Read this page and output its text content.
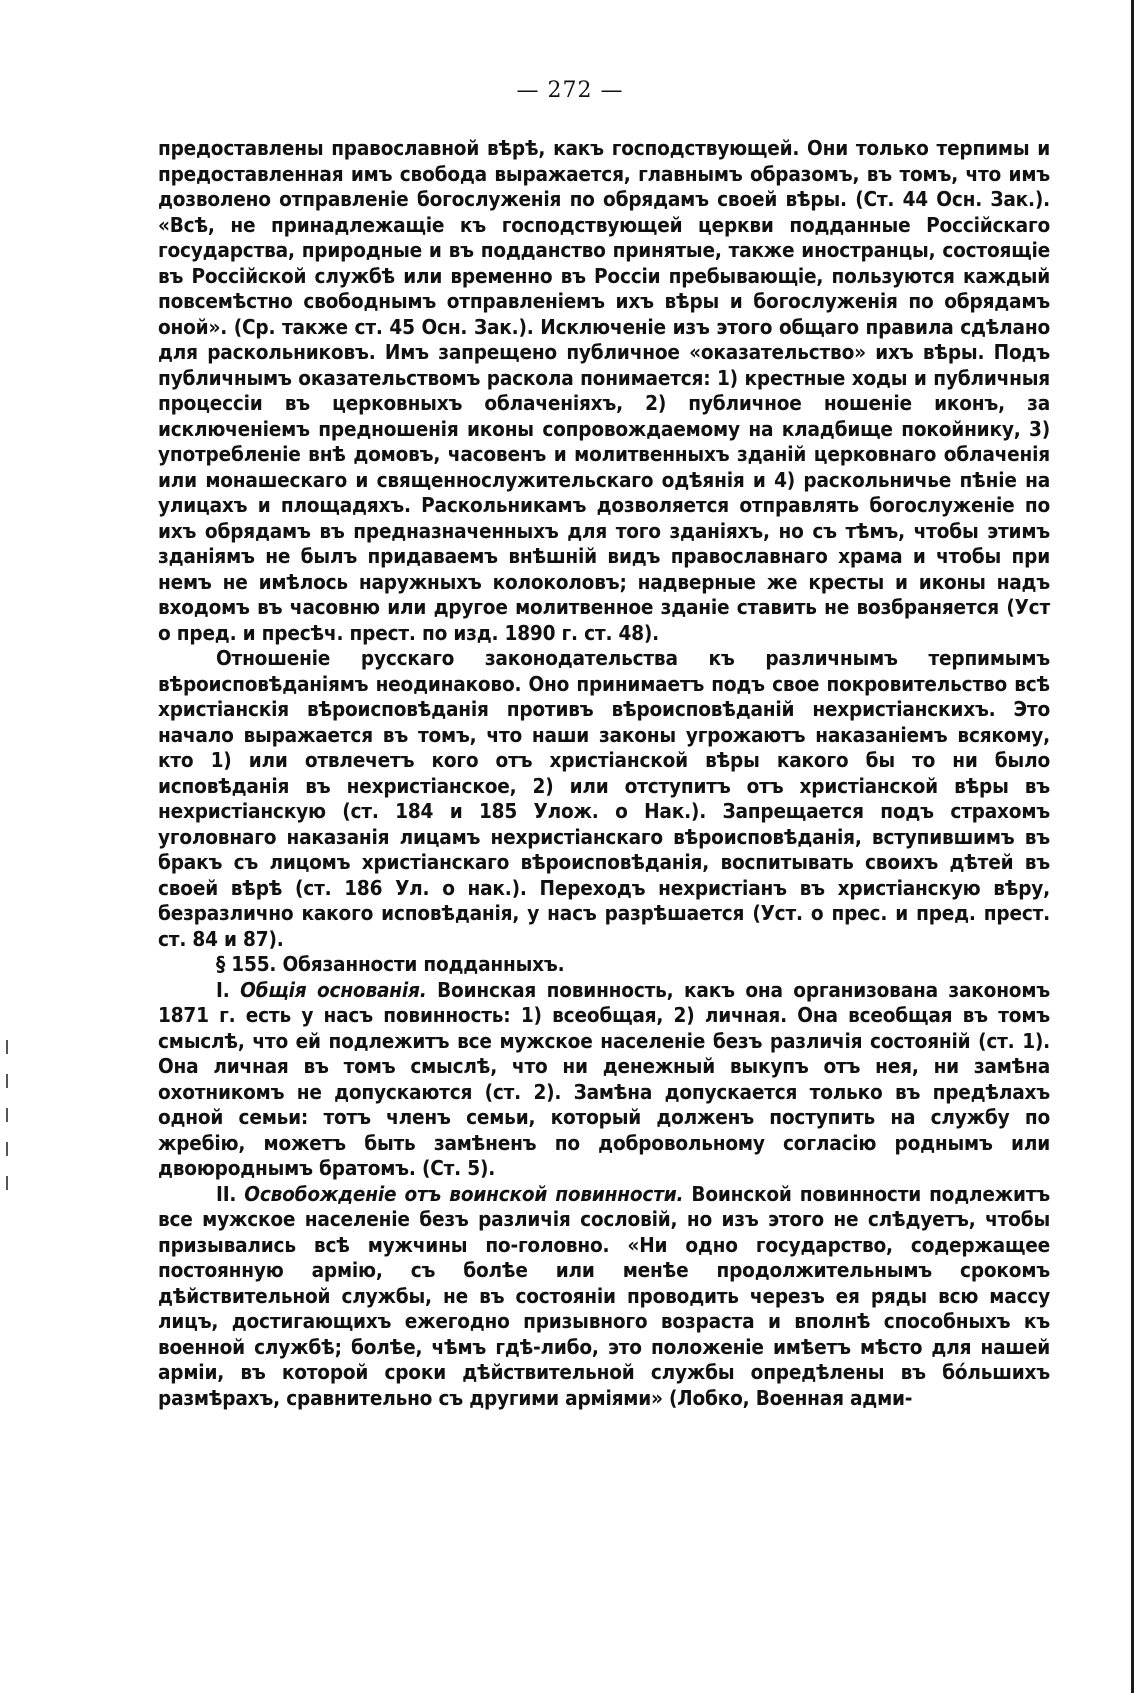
— 272 —

предоставлены православной вѣрѣ, какъ господствующей. Они только терпимы и предоставленная имъ свобода выражается, главнымъ образомъ, въ томъ, что имъ дозволено отправленіе богослуженія по обрядамъ своей вѣры. (Ст. 44 Осн. Зак.). «Всѣ, не принадлежащіе къ господствующей церкви подданные Россійскаго государства, природные и въ подданство принятые, также иностранцы, состоящіе въ Россійской службѣ или временно въ Россіи пребывающіе, пользуются каждый повсемѣстно свободнымъ отправленіемъ ихъ вѣры и богослуженія по обрядамъ оной». (Ср. также ст. 45 Осн. Зак.). Исключеніе изъ этого общаго правила сдѣлано для раскольниковъ. Имъ запрещено публичное «оказательство» ихъ вѣры. Подъ публичнымъ оказательствомъ раскола понимается: 1) крестные ходы и публичныя процессіи въ церковныхъ облаченіяхъ, 2) публичное ношеніе иконъ, за исключеніемъ предношенія иконы сопровождаемому на кладбище покойнику, 3) употребленіе внѣ домовъ, часовенъ и молитвенныхъ зданій церковнаго облаченія или монашескаго и священнослужительскаго одѣянія и 4) раскольничье пѣніе на улицахъ и площадяхъ. Раскольникамъ дозволяется отправлять богослуженіе по ихъ обрядамъ въ предназначенныхъ для того зданіяхъ, но съ тѣмъ, чтобы этимъ зданіямъ не былъ придаваемъ внѣшній видъ православнаго храма и чтобы при немъ не имѣлось наружныхъ колоколовъ; надверные же кресты и иконы надъ входомъ въ часовню или другое молитвенное зданіе ставить не возбраняется (Уст о пред. и пресѣч. прест. по изд. 1890 г. ст. 48).

Отношеніе русскаго законодательства къ различнымъ терпимымъ вѣроисповѣданіямъ неодинаково. Оно принимаетъ подъ свое покровительство всѣ христіанскія вѣроисповѣданія противъ вѣроисповѣданій нехристіанскихъ. Это начало выражается въ томъ, что наши законы угрожаютъ наказаніемъ всякому, кто 1) или отвлечетъ кого отъ христіанской вѣры какого бы то ни было исповѣданія въ нехристіанское, 2) или отступитъ отъ христіанской вѣры въ нехристіанскую (ст. 184 и 185 Улож. о Нак.). Запрещается подъ страхомъ уголовнаго наказанія лицамъ нехристіанскаго вѣроисповѣданія, вступившимъ въ бракъ съ лицомъ христіанскаго вѣроисповѣданія, воспитывать своихъ дѣтей въ своей вѣрѣ (ст. 186 Ул. о нак.). Переходъ нехристіанъ въ христіанскую вѣру, безразлично какого исповѣданія, у насъ разрѣшается (Уст. о прес. и пред. прест. ст. 84 и 87).

§ 155. Обязанности подданныхъ.

I. Общія основанія. Воинская повинность, какъ она организована закономъ 1871 г. есть у насъ повинность: 1) всеобщая, 2) личная. Она всеобщая въ томъ смыслѣ, что ей подлежитъ все мужское населеніе безъ различія состояній (ст. 1). Она личная въ томъ смыслѣ, что ни денежный выкупъ отъ нея, ни замѣна охотникомъ не допускаются (ст. 2). Замѣна допускается только въ предѣлахъ одной семьи: тотъ членъ семьи, который долженъ поступить на службу по жребію, можетъ быть замѣненъ по добровольному согласію роднымъ или двоюроднымъ братомъ. (Ст. 5).

II. Освобожденіе отъ воинской повинности. Воинской повинности подлежитъ все мужское населеніе безъ различія сословій, но изъ этого не слѣдуетъ, чтобы призывались всѣ мужчины по-головно. «Ни одно государство, содержащее постоянную армію, съ болѣе или менѣе продолжительнымъ срокомъ дѣйствительной службы, не въ состояніи проводить черезъ ея ряды всю массу лицъ, достигающихъ ежегодно призывного возраста и вполнѣ способныхъ къ военной службѣ; болѣе, чѣмъ гдѣ-либо, это положеніе имѣетъ мѣсто для нашей арміи, въ которой сроки дѣйствительной службы опредѣлены въ бо́льшихъ размѣрахъ, сравнительно съ другими арміями» (Лобко, Военная адми-
